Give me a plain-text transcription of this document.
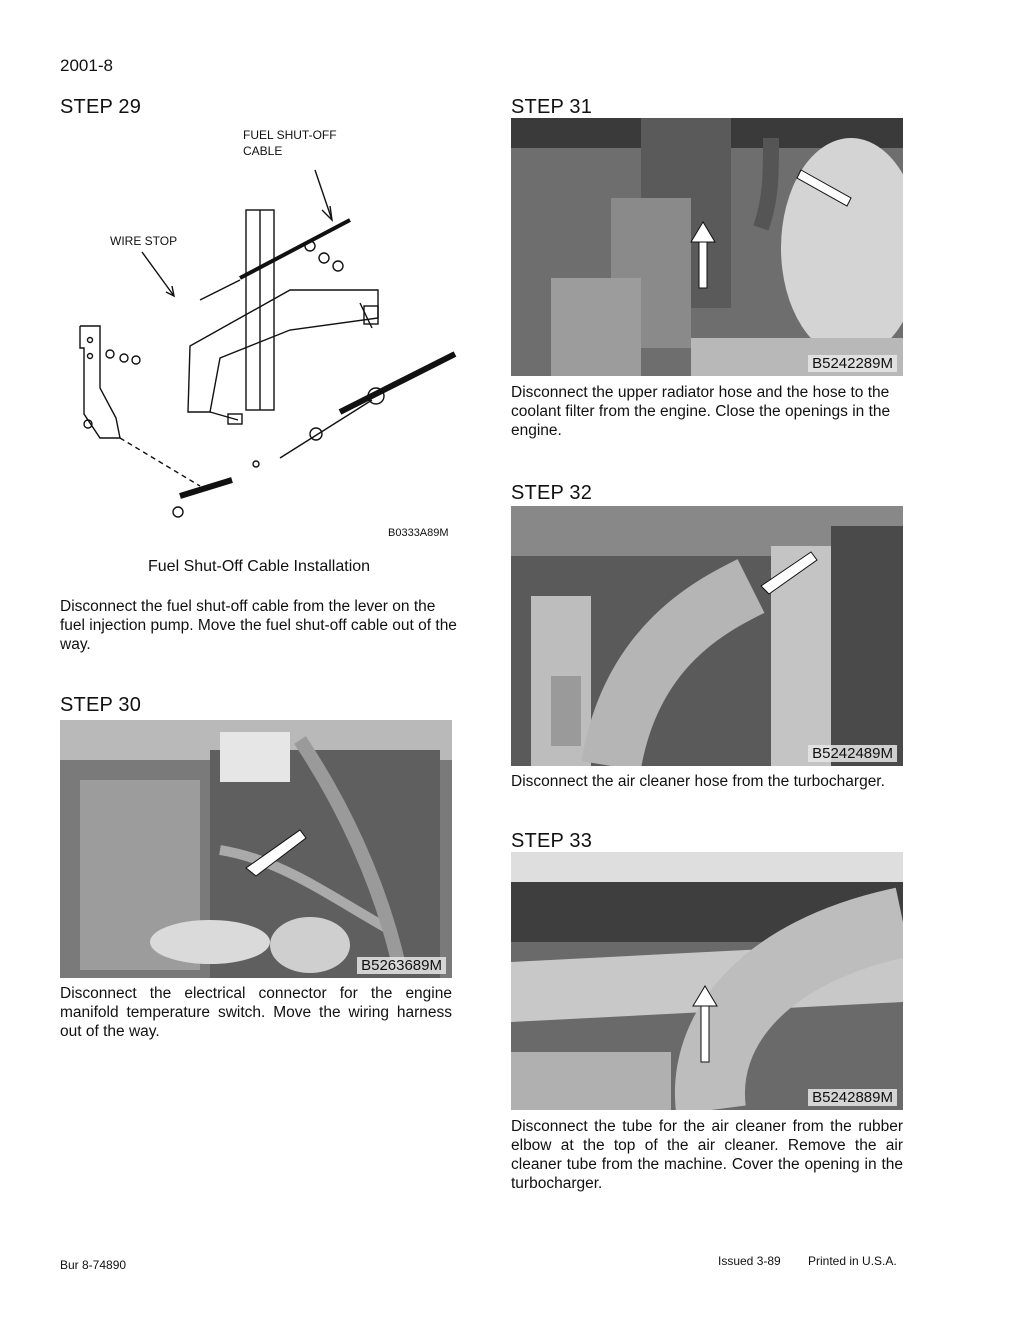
2001-8
STEP 29
FUEL SHUT-OFF
CABLE
WIRE STOP
B0333A89M
Fuel Shut-Off Cable Installation
Disconnect the fuel shut-off cable from the lever on the fuel injection pump. Move the fuel shut-off cable out of the way.
STEP 30
B5263689M
Disconnect the electrical connector for the engine manifold temperature switch. Move the wiring harness out of the way.
STEP 31
B5242289M
Disconnect the upper radiator hose and the hose to the coolant filter from the engine. Close the openings in the engine.
STEP 32
B5242489M
Disconnect the air cleaner hose from the turbocharger.
STEP 33
B5242889M
Disconnect the tube for the air cleaner from the rubber elbow at the top of the air cleaner. Remove the air cleaner tube from the machine. Cover the opening in the turbocharger.
Bur 8-74890	Issued 3-89 Printed in U.S.A.
